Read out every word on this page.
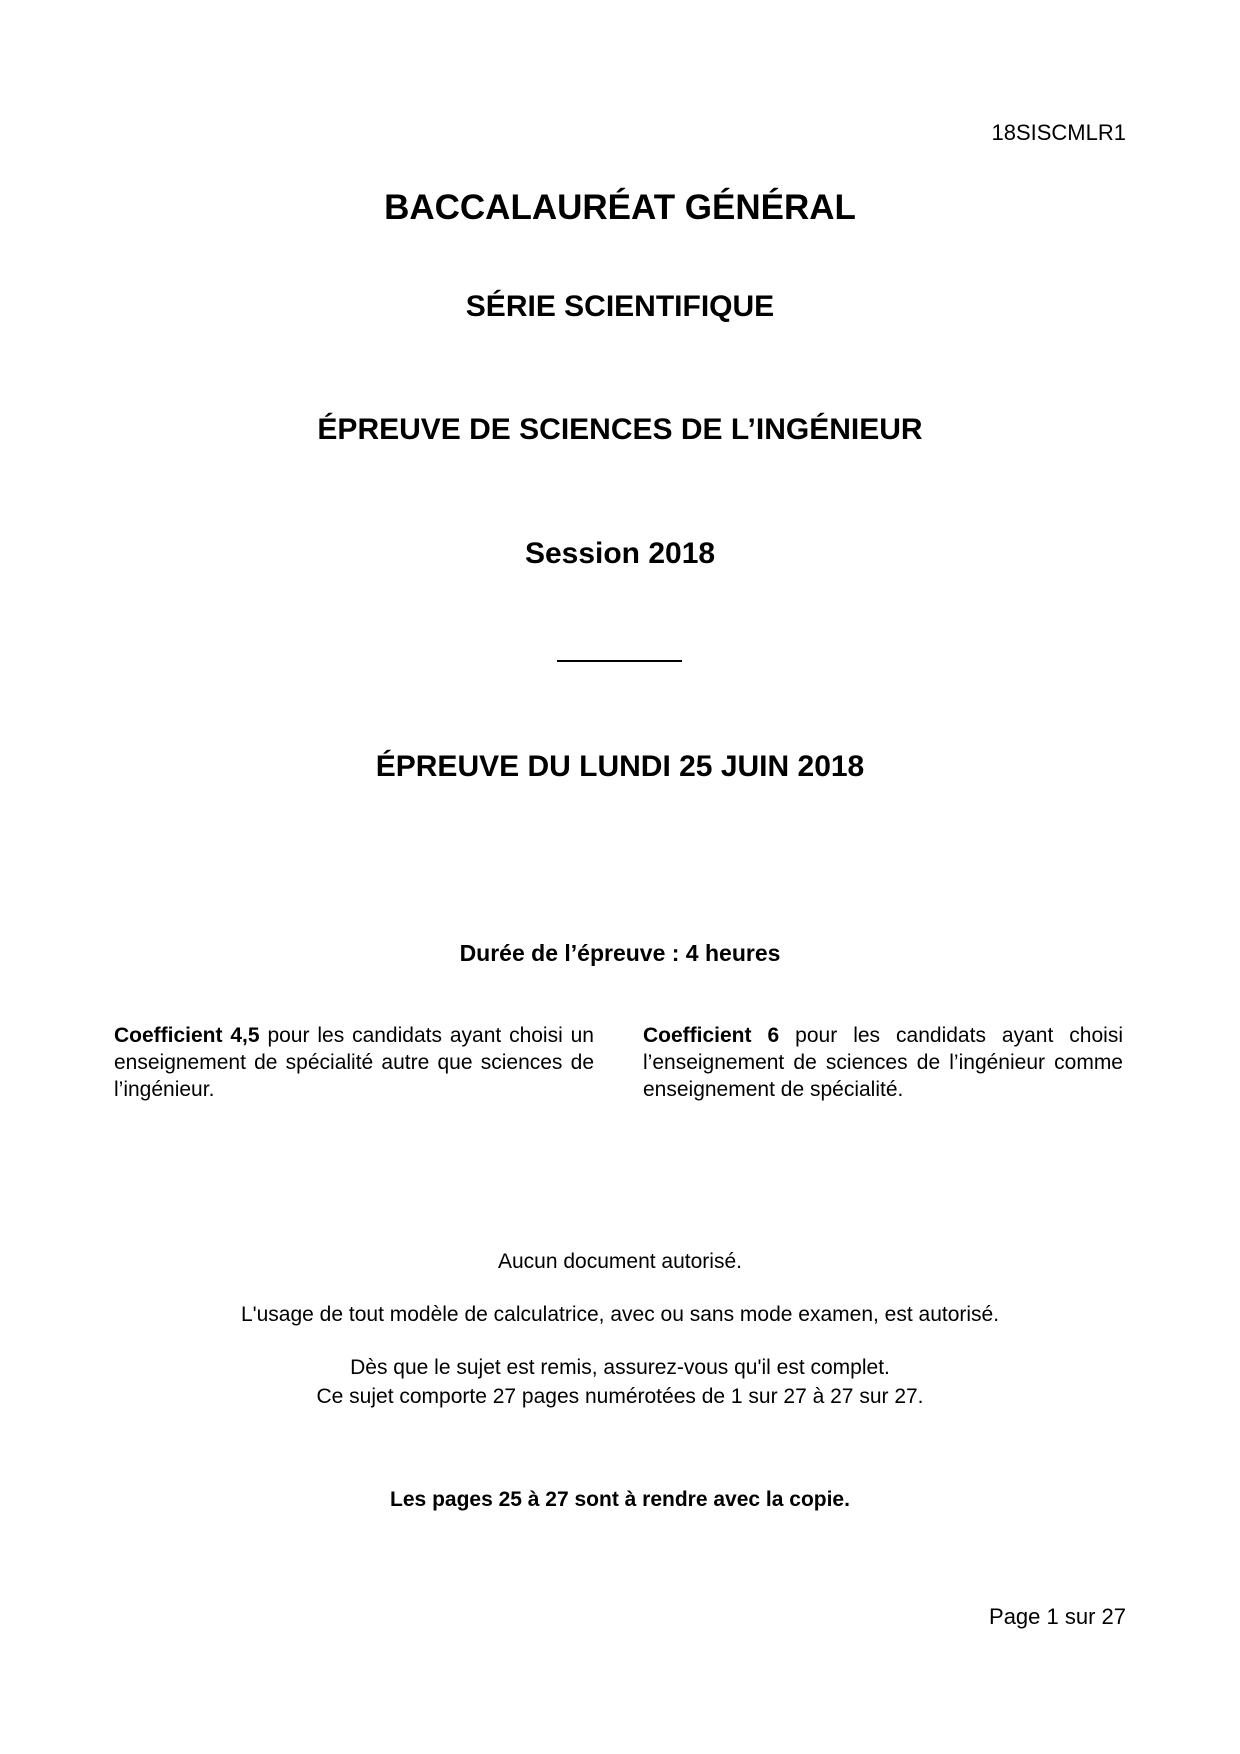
18SISCMLR1
BACCALAURÉAT GÉNÉRAL
SÉRIE SCIENTIFIQUE
ÉPREUVE DE SCIENCES DE L’INGÉNIEUR
Session 2018
ÉPREUVE DU LUNDI 25 JUIN 2018
Durée de l’épreuve : 4 heures
Coefficient 4,5 pour les candidats ayant choisi un enseignement de spécialité autre que sciences de l’ingénieur.
Coefficient 6 pour les candidats ayant choisi l’enseignement de sciences de l’ingénieur comme enseignement de spécialité.
Aucun document autorisé.
L'usage de tout modèle de calculatrice, avec ou sans mode examen, est autorisé.
Dès que le sujet est remis, assurez-vous qu'il est complet.
Ce sujet comporte 27 pages numérotées de 1 sur 27 à 27 sur 27.
Les pages 25 à 27 sont à rendre avec la copie.
Page 1 sur 27
